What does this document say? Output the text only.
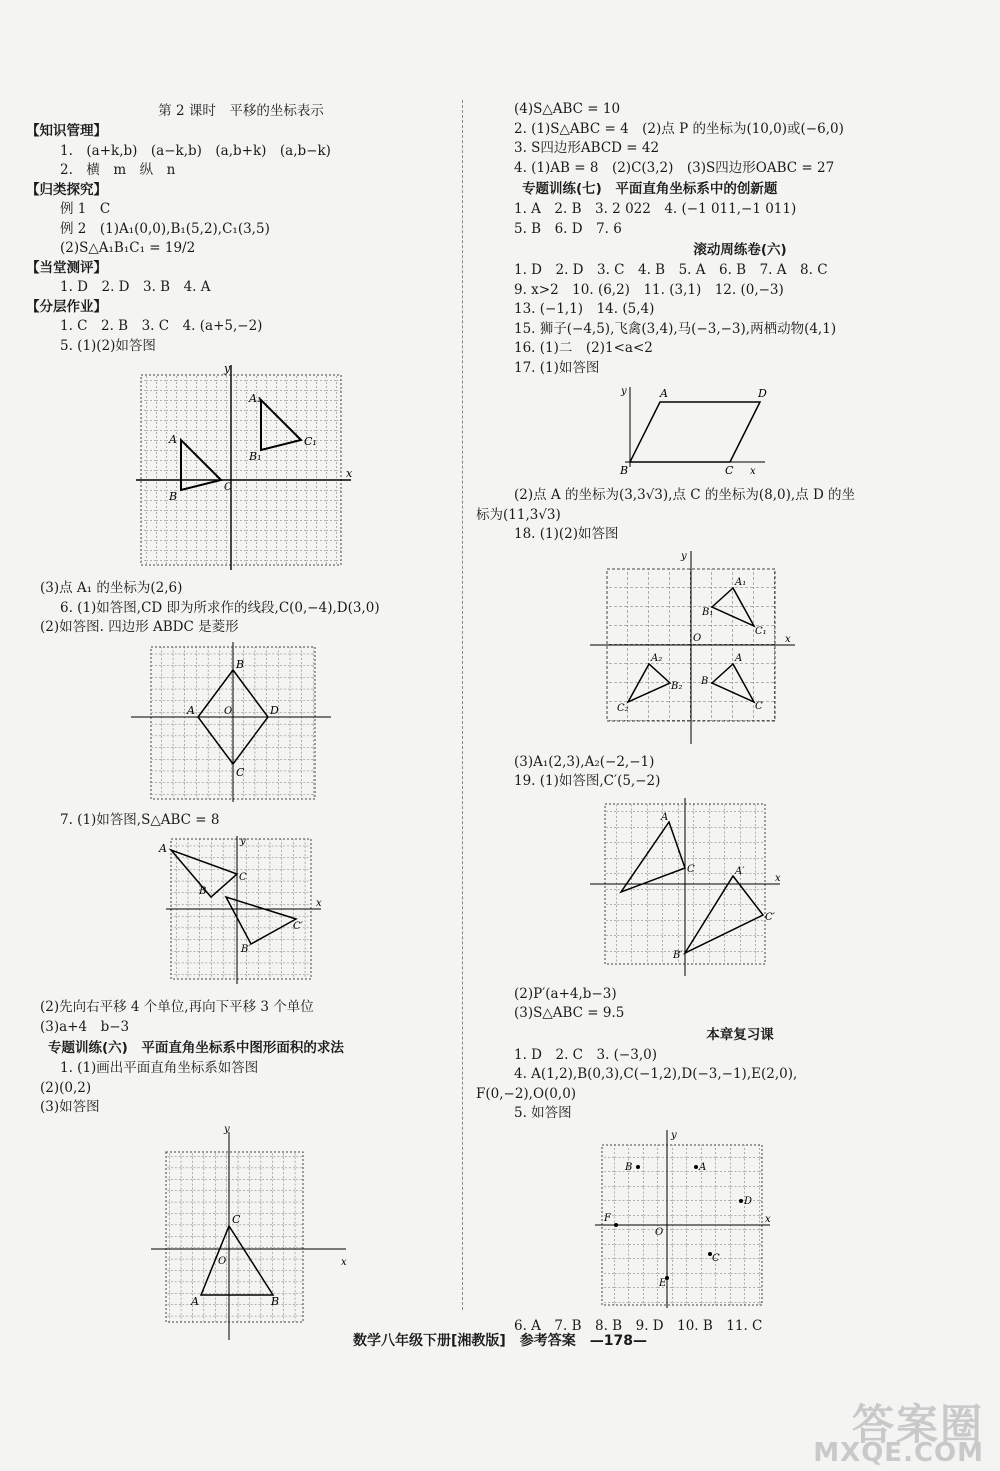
第 2 课时　平移的坐标表示
【知识管理】
1.　(a+k,b)　(a−k,b)　(a,b+k)　(a,b−k)
2.　横　m　纵　n
【归类探究】
例 1　C
例 2　(1)A₁(0,0),B₁(5,2),C₁(3,5)
(2)S△A₁B₁C₁ = 19/2
【当堂测评】
1. D　2. D　3. B　4. A
【分层作业】
1. C　2. B　3. C　4. (a+5,−2)
5. (1)(2)如答图
A
B
C
A₁
B₁
C₁
x
y
(3)点 A₁ 的坐标为(2,6)
6. (1)如答图,CD 即为所求作的线段,C(0,−4),D(3,0)
(2)如答图. 四边形 ABDC 是菱形
B
A	O	D
C
7. (1)如答图,S△ABC = 8
A
B
C
B′
C′
x
y
(2)先向右平移 4 个单位,再向下平移 3 个单位
(3)a+4　b−3
专题训练(六)　平面直角坐标系中图形面积的求法
1. (1)画出平面直角坐标系如答图
(2)(0,2)
(3)如答图
C
O
A	B
x
y
(4)S△ABC = 10
2. (1)S△ABC = 4　(2)点 P 的坐标为(10,0)或(−6,0)
3. S四边形ABCD = 42
4. (1)AB = 8　(2)C(3,2)　(3)S四边形OABC = 27
专题训练(七)　平面直角坐标系中的创新题
1. A　2. B　3. 2 022　4. (−1 011,−1 011)
5. B　6. D　7. 6
滚动周练卷(六)
1. D　2. D　3. C　4. B　5. A　6. B　7. A　8. C
9. x>2　10. (6,2)　11. (3,1)　12. (0,−3)
13. (−1,1)　14. (5,4)
15. 狮子(−4,5),飞禽(3,4),马(−3,−3),两栖动物(4,1)
16. (1)二　(2)1<a<2
17. (1)如答图
A	D
B	C x
y
(2)点 A 的坐标为(3,3√3),点 C 的坐标为(8,0),点 D 的坐
标为(11,3√3)
18. (1)(2)如答图
A₁
B₁
C₁
A
B
C
A₂
B₂
C₂
O	x
y
(3)A₁(2,3),A₂(−2,−1)
19. (1)如答图,C′(5,−2)
A
C	A′
C′
B′
x
(2)P′(a+4,b−3)
(3)S△ABC = 9.5
本章复习课
1. D　2. C　3. (−3,0)
4. A(1,2),B(0,3),C(−1,2),D(−3,−1),E(2,0),
F(0,−2),O(0,0)
5. 如答图
B	A
D
F
O
C
E
x
y
6. A　7. B　8. B　9. D　10. B　11. C
数学八年级下册[湘教版]　参考答案　—178—
答案圈
MXQE.COM
